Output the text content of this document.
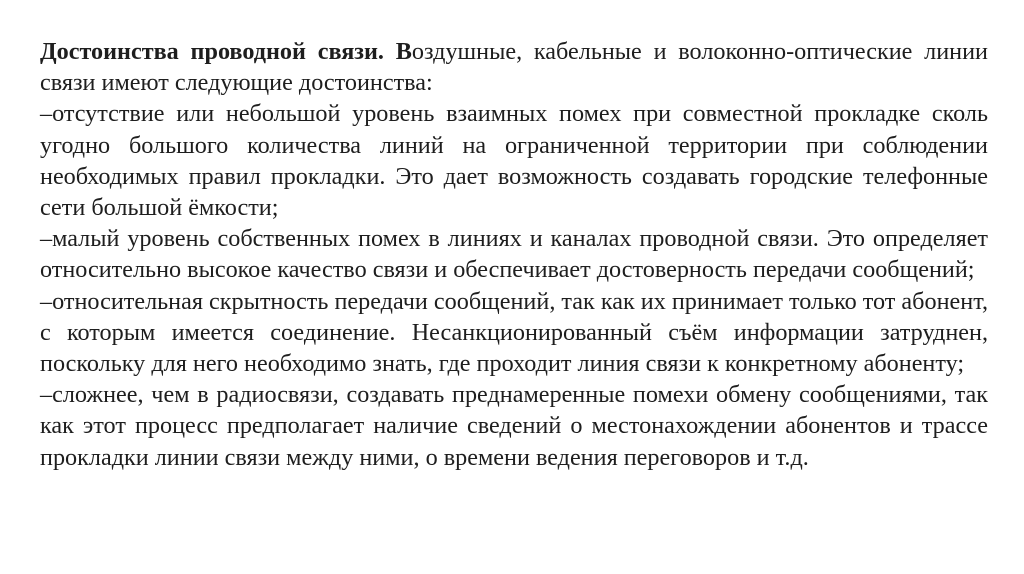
Достоинства проводной связи. Воздушные, кабельные и волоконно-оптические линии связи имеют следующие достоинства:

–отсутствие или небольшой уровень взаимных помех при совместной прокладке сколь угодно большого количества линий на ограниченной территории при соблюдении необходимых правил прокладки. Это дает возможность создавать городские телефонные сети большой ёмкости;

–малый уровень собственных помех в линиях и каналах проводной связи. Это определяет относительно высокое качество связи и обеспечивает достоверность передачи сообщений;

–относительная скрытность передачи сообщений, так как их принимает только тот абонент, с которым имеется соединение. Несанкционированный съём информации затруднен, поскольку для него необходимо знать, где проходит линия связи к конкретному абоненту;

–сложнее, чем в радиосвязи, создавать преднамеренные помехи обмену сообщениями, так как этот процесс предполагает наличие сведений о местонахождении абонентов и трассе прокладки линии связи между ними, о времени ведения переговоров и т.д.
